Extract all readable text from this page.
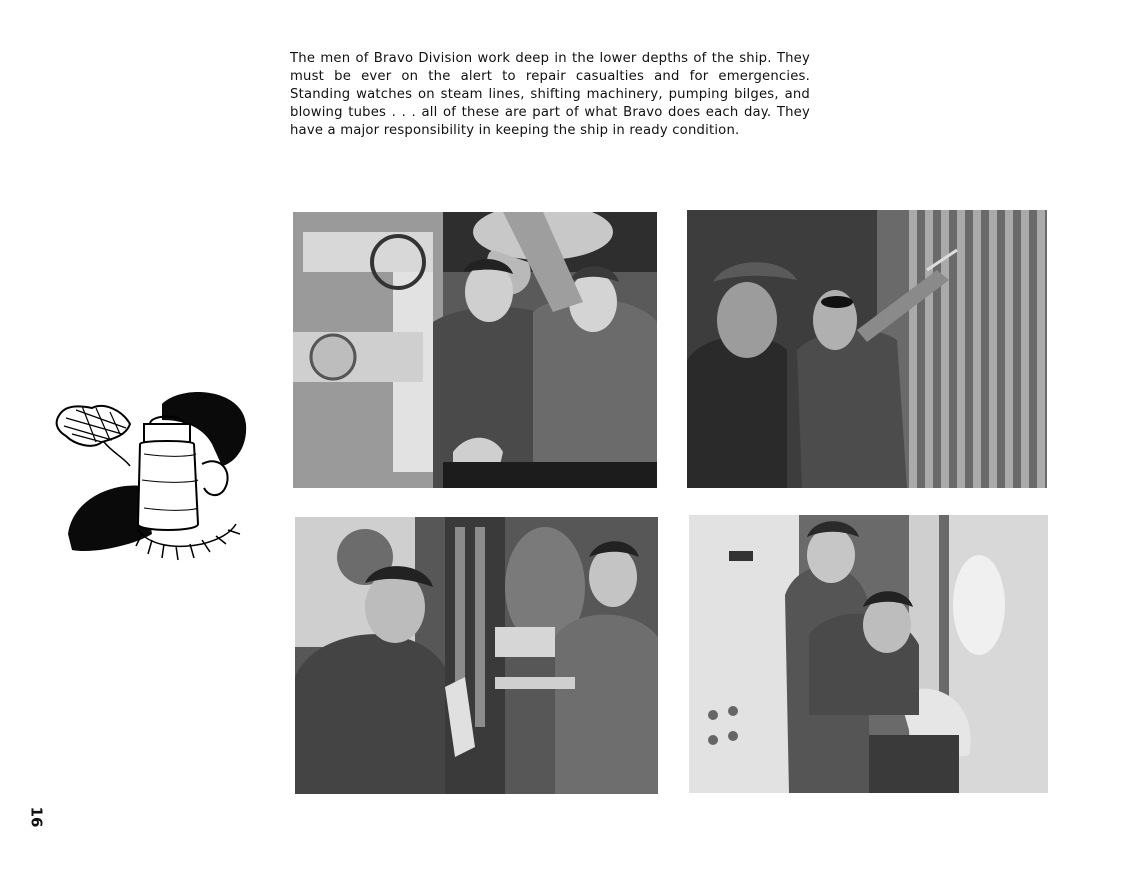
The men of Bravo Division work deep in the lower depths of the ship. They must be ever on the alert to repair casualties and for emergencies. Standing watches on steam lines, shifting machinery, pumping bilges, and blowing tubes . . . all of these are part of what Bravo does each day. They have a major responsibility in keeping the ship in ready condition.

16
